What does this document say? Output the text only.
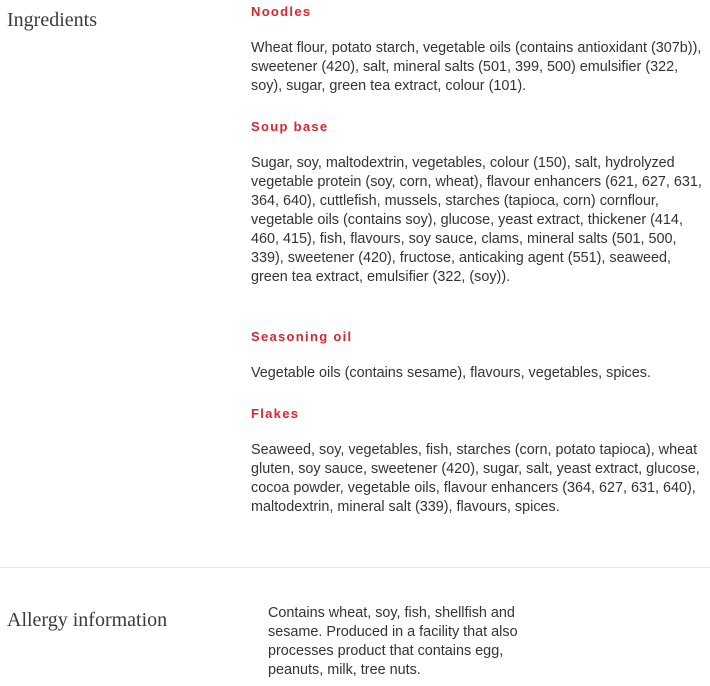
Ingredients	Noodles

Wheat flour, potato starch, vegetable oils (contains antioxidant (307b)), sweetener (420), salt, mineral salts (501, 399, 500) emulsifier (322, soy), sugar, green tea extract, colour (101).

Soup base

Sugar, soy, maltodextrin, vegetables, colour (150), salt, hydrolyzed vegetable protein (soy, corn, wheat), flavour enhancers (621, 627, 631, 364, 640), cuttlefish, mussels, starches (tapioca, corn) cornflour, vegetable oils (contains soy), glucose, yeast extract, thickener (414, 460, 415), fish, flavours, soy sauce, clams, mineral salts (501, 500, 339), sweetener (420), fructose, anticaking agent (551), seaweed, green tea extract, emulsifier (322, (soy)).

Seasoning oil

Vegetable oils (contains sesame), flavours, vegetables, spices.

Flakes

Seaweed, soy, vegetables, fish, starches (corn, potato tapioca), wheat gluten, soy sauce, sweetener (420), sugar, salt, yeast extract, glucose, cocoa powder, vegetable oils, flavour enhancers (364, 627, 631, 640), maltodextrin, mineral salt (339), flavours, spices.

Allergy information	Contains wheat, soy, fish, shellfish and sesame. Produced in a facility that also processes product that contains egg, peanuts, milk, tree nuts.
